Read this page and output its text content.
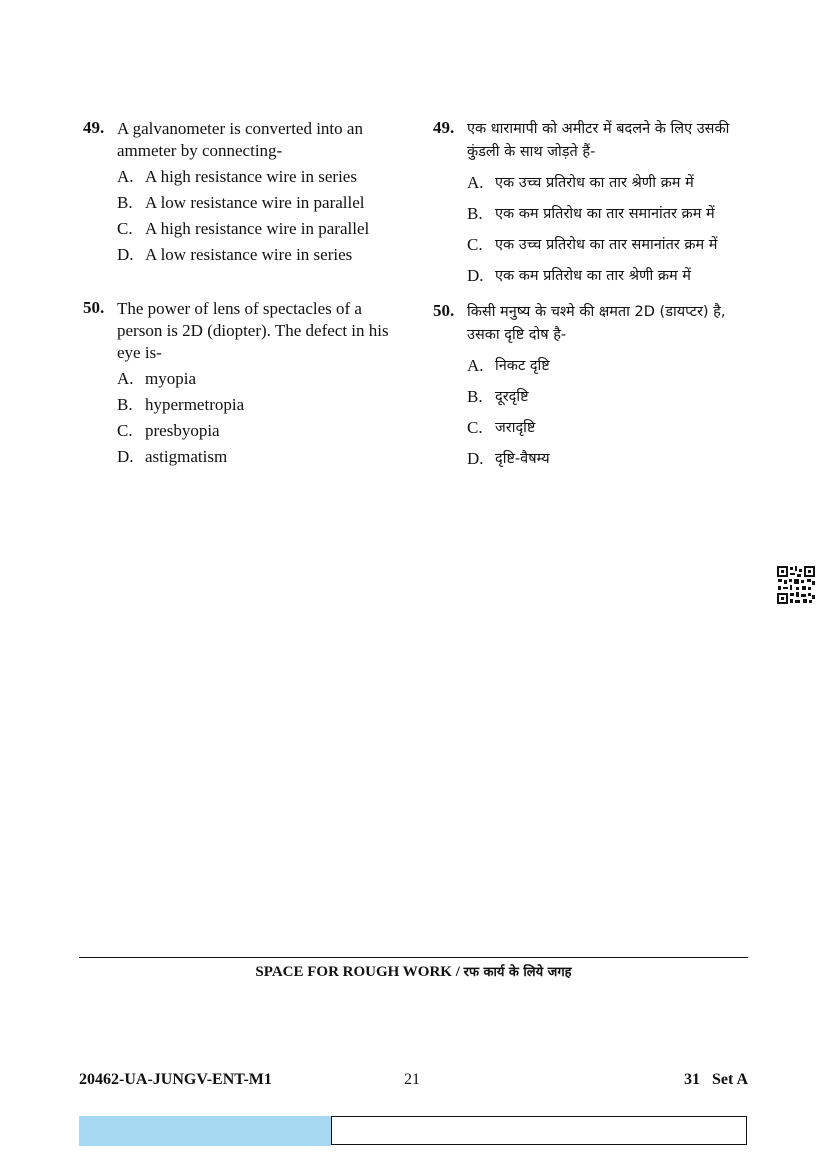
49. A galvanometer is converted into an ammeter by connecting-
A. A high resistance wire in series
B. A low resistance wire in parallel
C. A high resistance wire in parallel
D. A low resistance wire in series
50. The power of lens of spectacles of a person is 2D (diopter). The defect in his eye is-
A. myopia
B. hypermetropia
C. presbyopia
D. astigmatism
49. एक धारामापी को अमीटर में बदलने के लिए उसकी कुंडली के साथ जोड़ते हैं-
A. एक उच्च प्रतिरोध का तार श्रेणी क्रम में
B. एक कम प्रतिरोध का तार समानांतर क्रम में
C. एक उच्च प्रतिरोध का तार समानांतर क्रम में
D. एक कम प्रतिरोध का तार श्रेणी क्रम में
50. किसी मनुष्य के चश्मे की क्षमता 2D (डायप्टर) है, उसका दृष्टि दोष है-
A. निकट दृष्टि
B. दूरदृष्टि
C. जरादृष्टि
D. दृष्टि-वैषम्य
SPACE FOR ROUGH WORK / रफ कार्य के लिये जगह
20462-UA-JUNGV-ENT-M1	21	31   Set A
